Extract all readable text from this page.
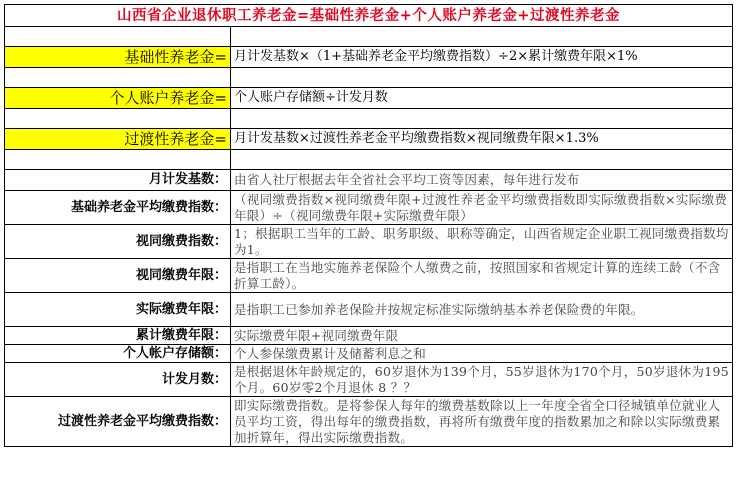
山西省企业退休职工养老金=基础性养老金+个人账户养老金+过渡性养老金	

基础性养老金=	月计发基数×（1+基础养老金平均缴费指数）÷2×累计缴费年限×1%

个人账户养老金=	个人账户存储额÷计发月数

过渡性养老金=	月计发基数×过渡性养老金平均缴费指数×视同缴费年限×1.3%

月计发基数：	由省人社厅根据去年全省社会平均工资等因素，每年进行发布
基础养老金平均缴费指数：	（视同缴费指数×视同缴费年限+过渡性养老金平均缴费指数即实际缴费指数×实际缴费年限）÷（视同缴费年限+实际缴费年限）
视同缴费指数：	1；根据职工当年的工龄、职务职级、职称等确定，山西省规定企业职工视同缴费指数均为1。
视同缴费年限：	是指职工在当地实施养老保险个人缴费之前，按照国家和省规定计算的连续工龄（不含折算工龄）。
实际缴费年限：	是指职工已参加养老保险并按规定标准实际缴纳基本养老保险费的年限。
累计缴费年限：	实际缴费年限+视同缴费年限
个人帐户存储额：	个人参保缴费累计及储蓄利息之和
计发月数：	是根据退休年龄规定的，60岁退休为139个月，55岁退休为170个月，50岁退休为195个月。60岁零2个月退休 8 ？？
过渡性养老金平均缴费指数：	即实际缴费指数。是将参保人每年的缴费基数除以上一年度全省全口径城镇单位就业人员平均工资，得出每年的缴费指数，再将所有缴费年度的指数累加之和除以实际缴费累加折算年，得出实际缴费指数。
